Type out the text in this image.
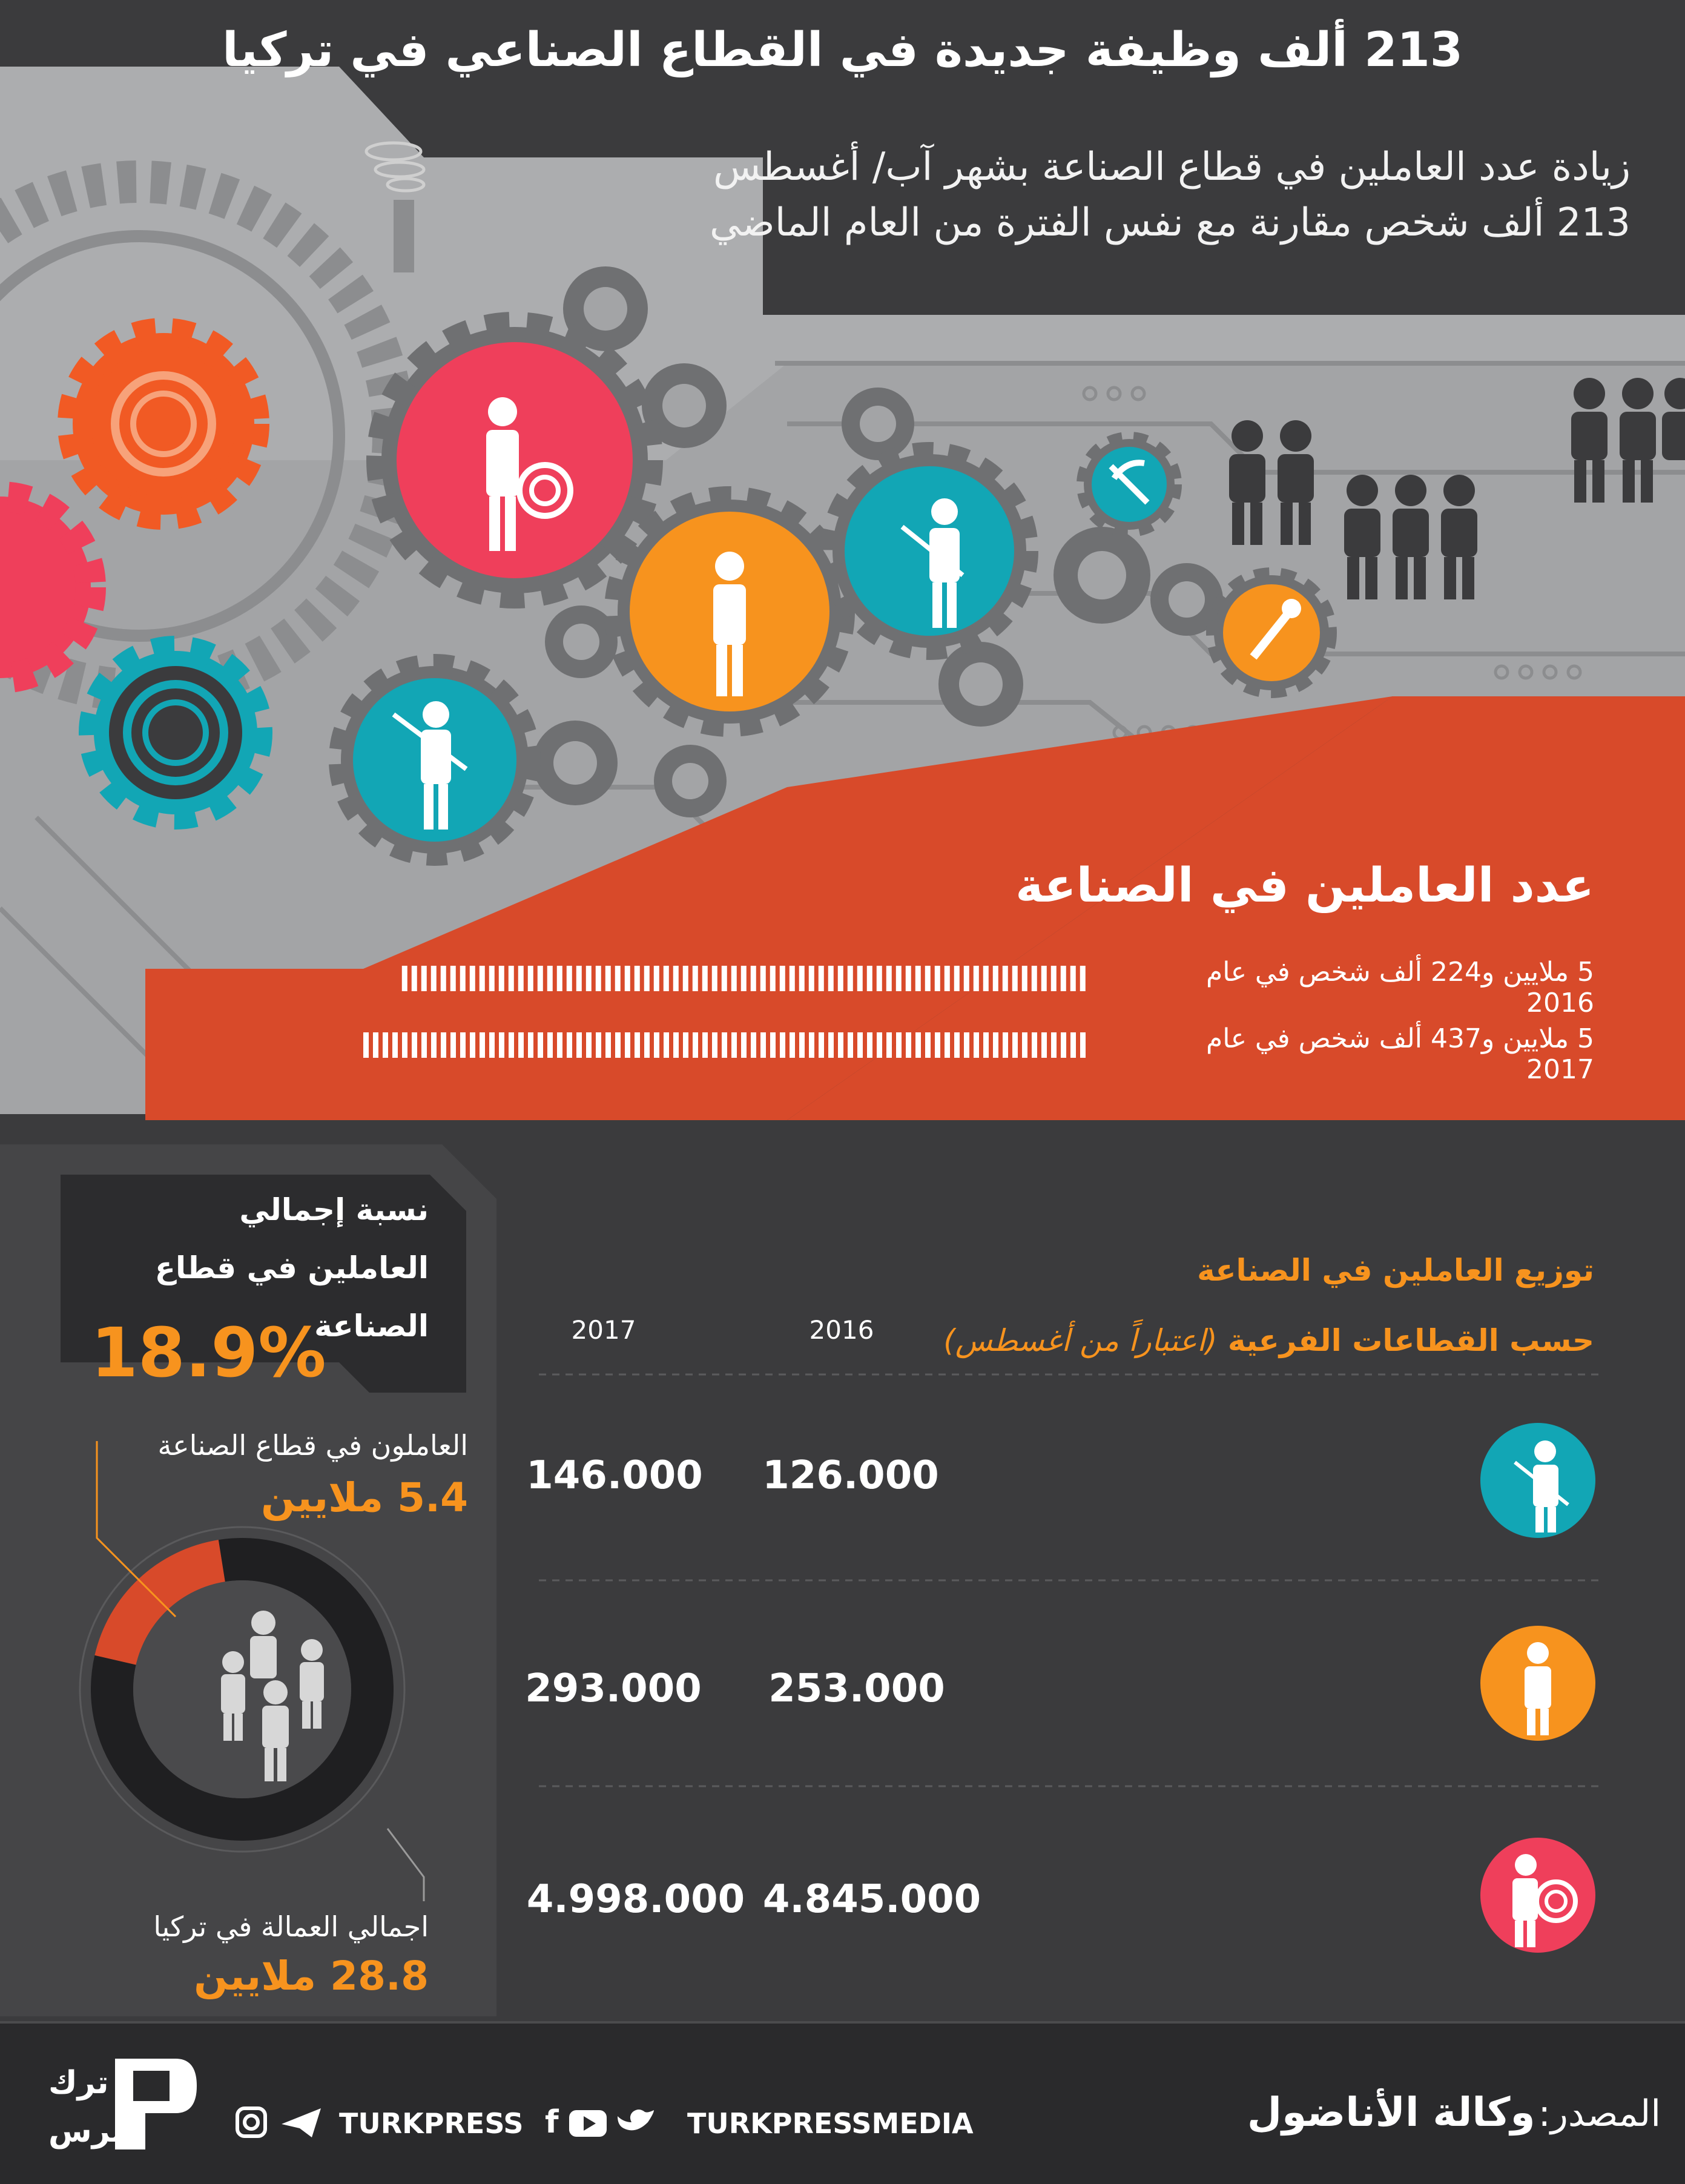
213 ألف وظيفة جديدة في القطاع الصناعي في تركيا
زيادة عدد العاملين في قطاع الصناعة بشهر آب/ أغسطس
213 ألف شخص مقارنة مع نفس الفترة من العام الماضي
عدد العاملين في الصناعة
5 ملايين و224 ألف شخص في عام 2016
5 ملايين و437 ألف شخص في عام 2017
توزيع العاملين في الصناعة
حسب القطاعات الفرعية (اعتباراً من أغسطس)
2016
2017
126.000
146.000
253.000
293.000
4.845.000
4.998.000
نسبة إجمالي
العاملين في قطاع
الصناعة
18.9%
العاملون في قطاع الصناعة
5.4 ملايين
اجمالي العمالة في تركيا
28.8 ملايين
المصدر: وكالة الأناضول
TURKPRESSMEDIA
f
TURKPRESS
ترك
برس
